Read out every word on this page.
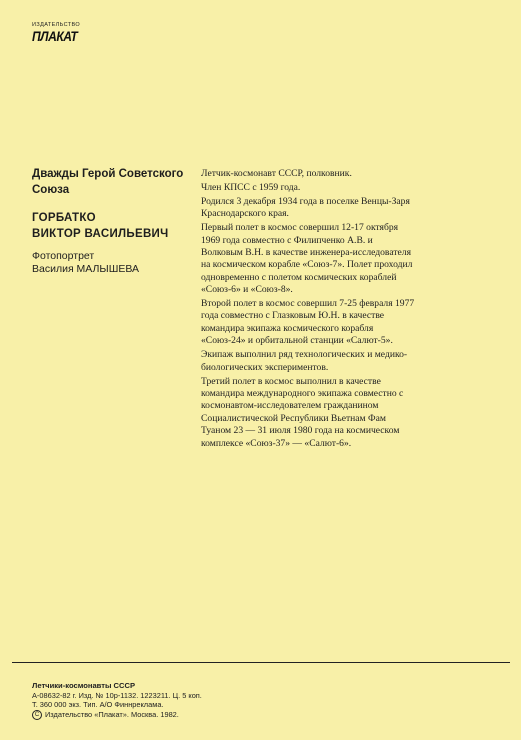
ИЗДАТЕЛЬСТВО
ПЛАКАТ

Дважды Герой Советского Союза

ГОРБАТКО
ВИКТОР ВАСИЛЬЕВИЧ

Фотопортрет
Василия МАЛЫШЕВА

Летчик-космонавт СССР, полковник.

Член КПСС с 1959 года.

Родился 3 декабря 1934 года в поселке Венцы-Заря Краснодарского края.

Первый полет в космос совершил 12-17 октября 1969 года совместно с Филипченко А.В. и Волковым В.Н. в качестве инженера-исследователя на космическом корабле «Союз-7». Полет проходил одновременно с полетом космических кораблей «Союз-6» и «Союз-8».

Второй полет в космос совершил 7-25 февраля 1977 года совместно с Глазковым Ю.Н. в качестве командира экипажа космического корабля «Союз-24» и орбитальной станции «Салют-5».

Экипаж выполнил ряд технологических и медико-биологических экспериментов.

Третий полет в космос выполнил в качестве командира международного экипажа совместно с космонавтом-исследователем гражданином Социалистической Республики Вьетнам Фам Туаном 23 — 31 июля 1980 года на космическом комплексе «Союз-37» — «Салют-6».

Летчики-космонавты СССР
А-08632-82 г. Изд. № 10р-1132. 1223211. Ц. 5 коп.
Т. 360 000 экз. Тип. А/О Финнреклама.
С Издательство «Плакат». Москва. 1982.
